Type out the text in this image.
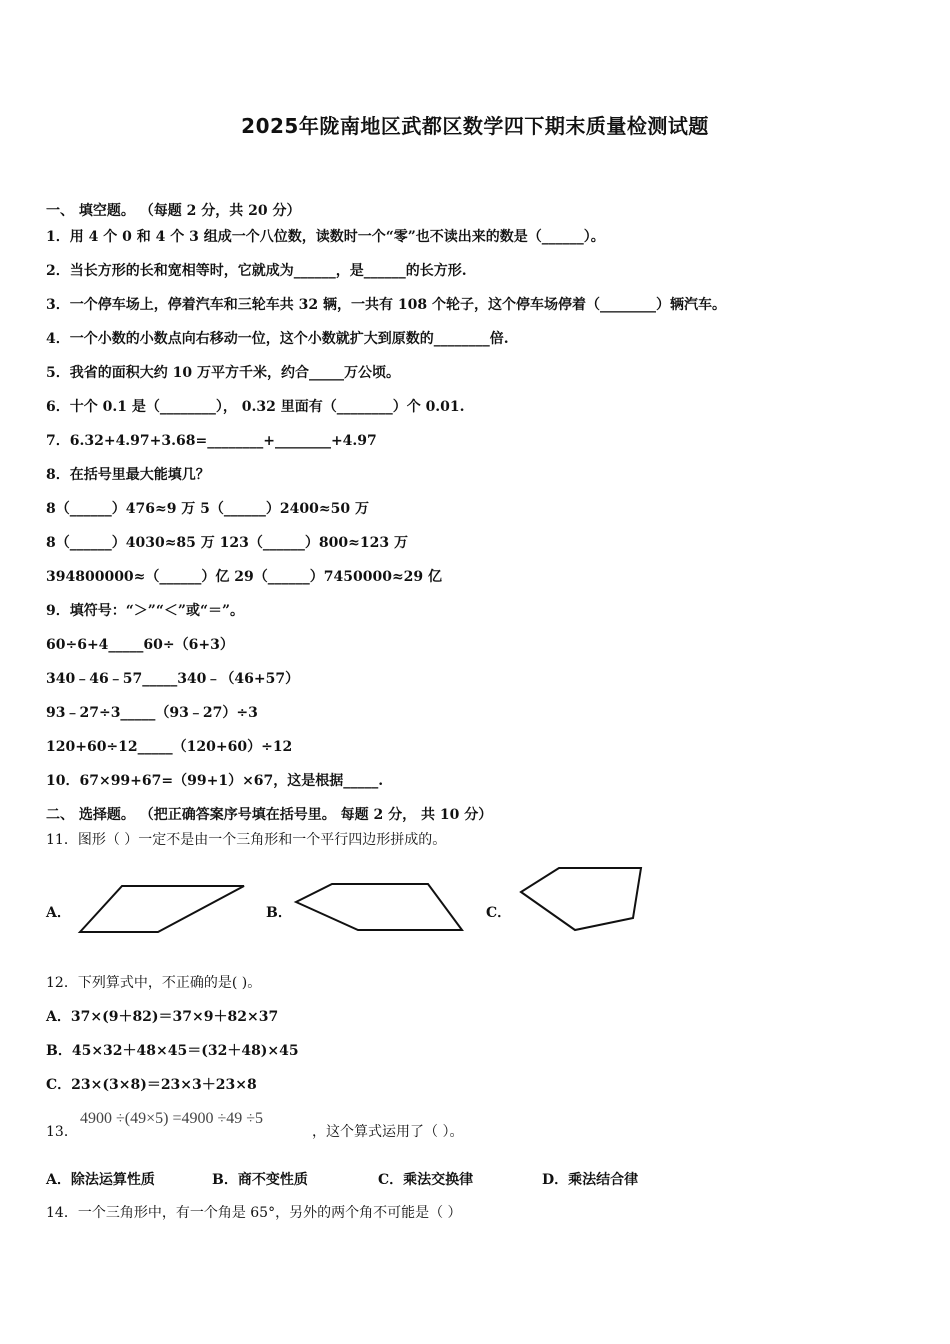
2025年陇南地区武都区数学四下期末质量检测试题
一、 填空题。 （每题 2 分，共 20 分）
1．用 4 个 0 和 4 个 3 组成一个八位数，读数时一个“零”也不读出来的数是（______）。
2．当长方形的长和宽相等时，它就成为______，是______的长方形.
3．一个停车场上，停着汽车和三轮车共 32 辆，一共有 108 个轮子，这个停车场停着（________）辆汽车。
4．一个小数的小数点向右移动一位，这个小数就扩大到原数的________倍.
5．我省的面积大约 10 万平方千米，约合_____万公顷。
6．十个 0.1 是（________）， 0.32 里面有（________）个 0.01.
7．6.32+4.97+3.68=________+________+4.97
8．在括号里最大能填几？
8（______）476≈9 万 5（______）2400≈50 万
8（______）4030≈85 万 123（______）800≈123 万
394800000≈（______）亿 29（______）7450000≈29 亿
9．填符号：“＞”“＜”或“＝”。
60÷6+4_____60÷（6+3）
340﹣46﹣57_____340﹣（46+57）
93﹣27÷3_____（93﹣27）÷3
120+60÷12_____（120+60）÷12
10．67×99+67=（99+1）×67，这是根据_____.
二、 选择题。 （把正确答案序号填在括号里。 每题 2 分， 共 10 分）
11．图形（ ）一定不是由一个三角形和一个平行四边形拼成的。
A．	B．	C．
12．下列算式中，不正确的是( )。
A．37×(9＋82)＝37×9＋82×37
B．45×32＋48×45＝(32＋48)×45
C．23×(3×8)＝23×3＋23×8
13．
4900 ÷(49×5) =4900 ÷49 ÷5
，这个算式运用了（ ）。
A．除法运算性质	B．商不变性质	C．乘法交换律	D．乘法结合律
14．一个三角形中，有一个角是 65°，另外的两个角不可能是（ ）
